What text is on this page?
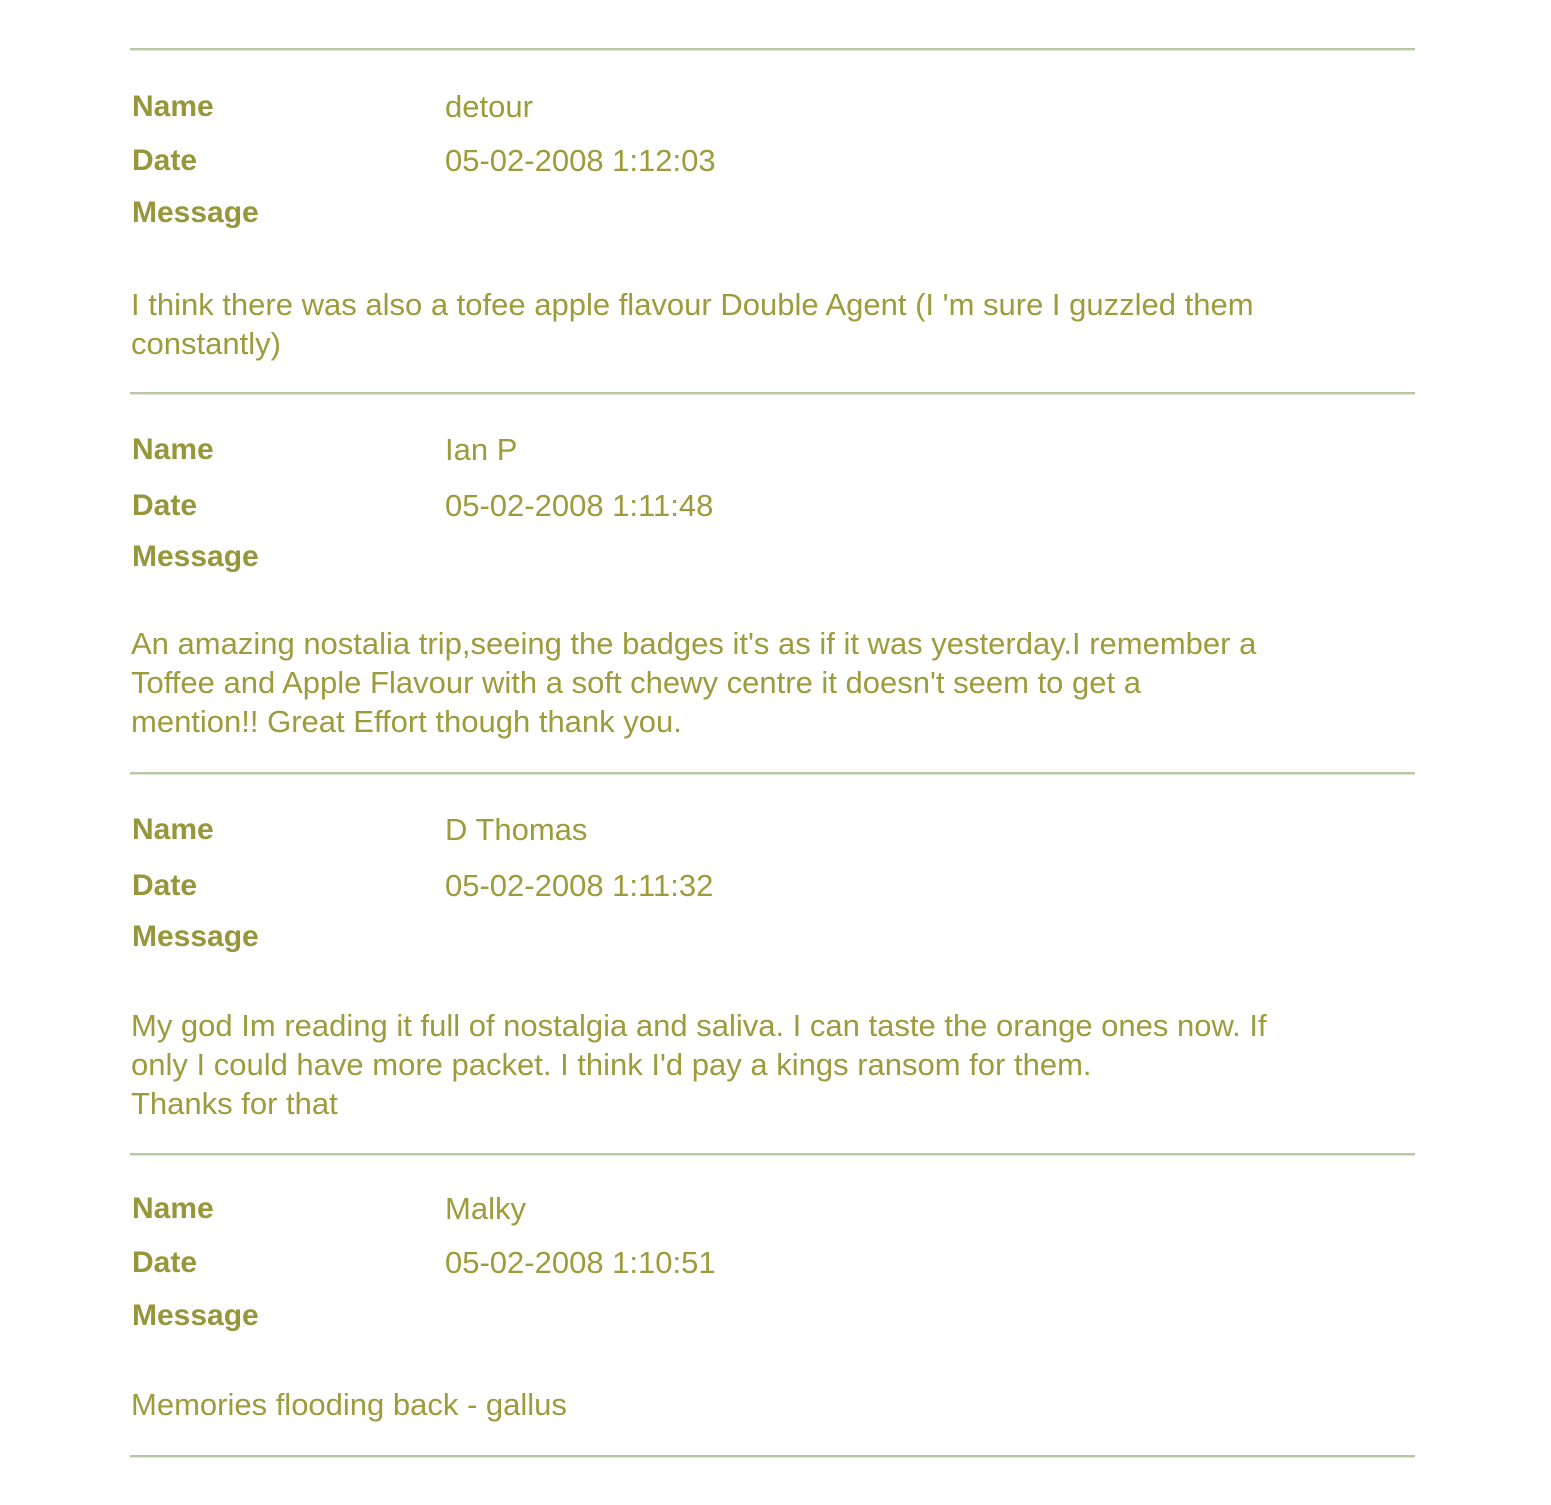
Name	detour
Date	05-02-2008 1:12:03
Message
I think there was also a tofee apple flavour Double Agent (I 'm sure I guzzled them
constantly)
Name	Ian P
Date	05-02-2008 1:11:48
Message
An amazing nostalia trip,seeing the badges it's as if it was yesterday.I remember a
Toffee and Apple Flavour with a soft chewy centre it doesn't seem to get a
mention!! Great Effort though thank you.
Name	D Thomas
Date	05-02-2008 1:11:32
Message
My god Im reading it full of nostalgia and saliva. I can taste the orange ones now. If
only I could have more packet. I think I'd pay a kings ransom for them.
Thanks for that
Name	Malky
Date	05-02-2008 1:10:51
Message
Memories flooding back - gallus
